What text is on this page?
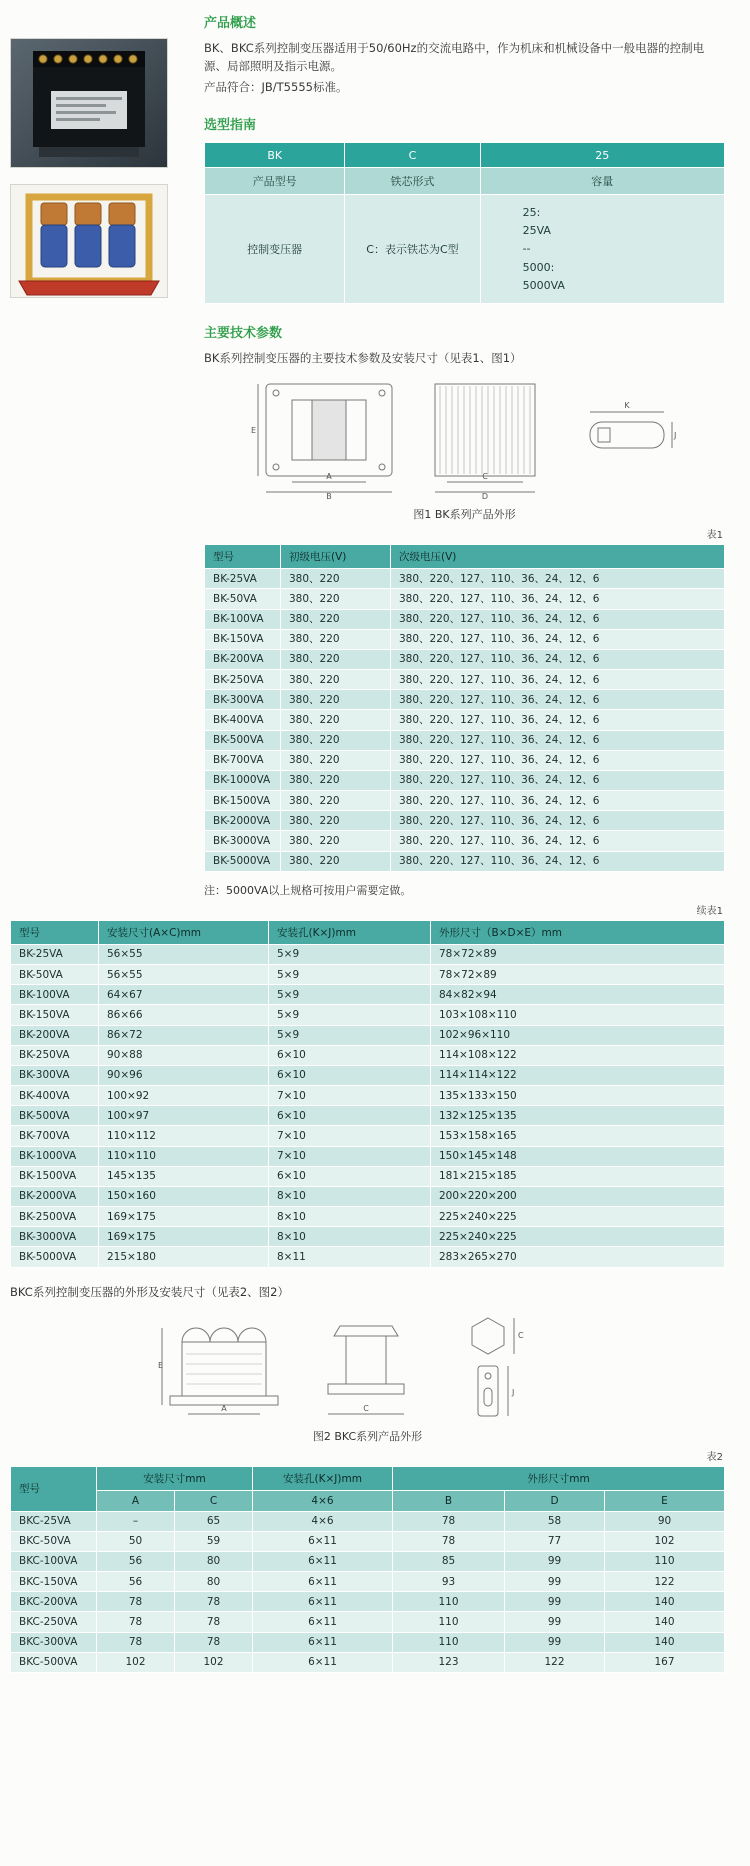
产品概述

BK、BKC系列控制变压器适用于50/60Hz的交流电路中，作为机床和机械设备中一般电器的控制电源、局部照明及指示电源。

产品符合：JB/T5555标准。

选型指南
BK	C	25
产品型号	铁芯形式	容量
控制变压器	C：表示铁芯为C型	25:
25VA
--
5000:
5000VA
主要技术参数

BK系列控制变压器的主要技术参数及安装尺寸（见表1、图1）

A
B
E
C
D
K
J
图1 BK系列产品外形
表1
型号	初级电压(V)	次级电压(V)
BK-25VA	380、220	380、220、127、110、36、24、12、6
BK-50VA	380、220	380、220、127、110、36、24、12、6
BK-100VA	380、220	380、220、127、110、36、24、12、6
BK-150VA	380、220	380、220、127、110、36、24、12、6
BK-200VA	380、220	380、220、127、110、36、24、12、6
BK-250VA	380、220	380、220、127、110、36、24、12、6
BK-300VA	380、220	380、220、127、110、36、24、12、6
BK-400VA	380、220	380、220、127、110、36、24、12、6
BK-500VA	380、220	380、220、127、110、36、24、12、6
BK-700VA	380、220	380、220、127、110、36、24、12、6
BK-1000VA	380、220	380、220、127、110、36、24、12、6
BK-1500VA	380、220	380、220、127、110、36、24、12、6
BK-2000VA	380、220	380、220、127、110、36、24、12、6
BK-3000VA	380、220	380、220、127、110、36、24、12、6
BK-5000VA	380、220	380、220、127、110、36、24、12、6

注：5000VA以上规格可按用户需要定做。

续表1
型号	安装尺寸(A×C)mm	安装孔(K×J)mm	外形尺寸（B×D×E）mm
BK-25VA	56×55	5×9	78×72×89
BK-50VA	56×55	5×9	78×72×89
BK-100VA	64×67	5×9	84×82×94
BK-150VA	86×66	5×9	103×108×110
BK-200VA	86×72	5×9	102×96×110
BK-250VA	90×88	6×10	114×108×122
BK-300VA	90×96	6×10	114×114×122
BK-400VA	100×92	7×10	135×133×150
BK-500VA	100×97	6×10	132×125×135
BK-700VA	110×112	7×10	153×158×165
BK-1000VA	110×110	7×10	150×145×148
BK-1500VA	145×135	6×10	181×215×185
BK-2000VA	150×160	8×10	200×220×200
BK-2500VA	169×175	8×10	225×240×225
BK-3000VA	169×175	8×10	225×240×225
BK-5000VA	215×180	8×11	283×265×270

BKC系列控制变压器的外形及安装尺寸（见表2、图2）

A
E
C
C
J
图2 BKC系列产品外形
表2
型号	安装尺寸mm		安装孔(K×J)mm	外形尺寸mm		
	A	C	4×6	B	D	E
BKC-25VA	–	65	4×6	78	58	90
BKC-50VA	50	59	6×11	78	77	102
BKC-100VA	56	80	6×11	85	99	110
BKC-150VA	56	80	6×11	93	99	122
BKC-200VA	78	78	6×11	110	99	140
BKC-250VA	78	78	6×11	110	99	140
BKC-300VA	78	78	6×11	110	99	140
BKC-500VA	102	102	6×11	123	122	167
